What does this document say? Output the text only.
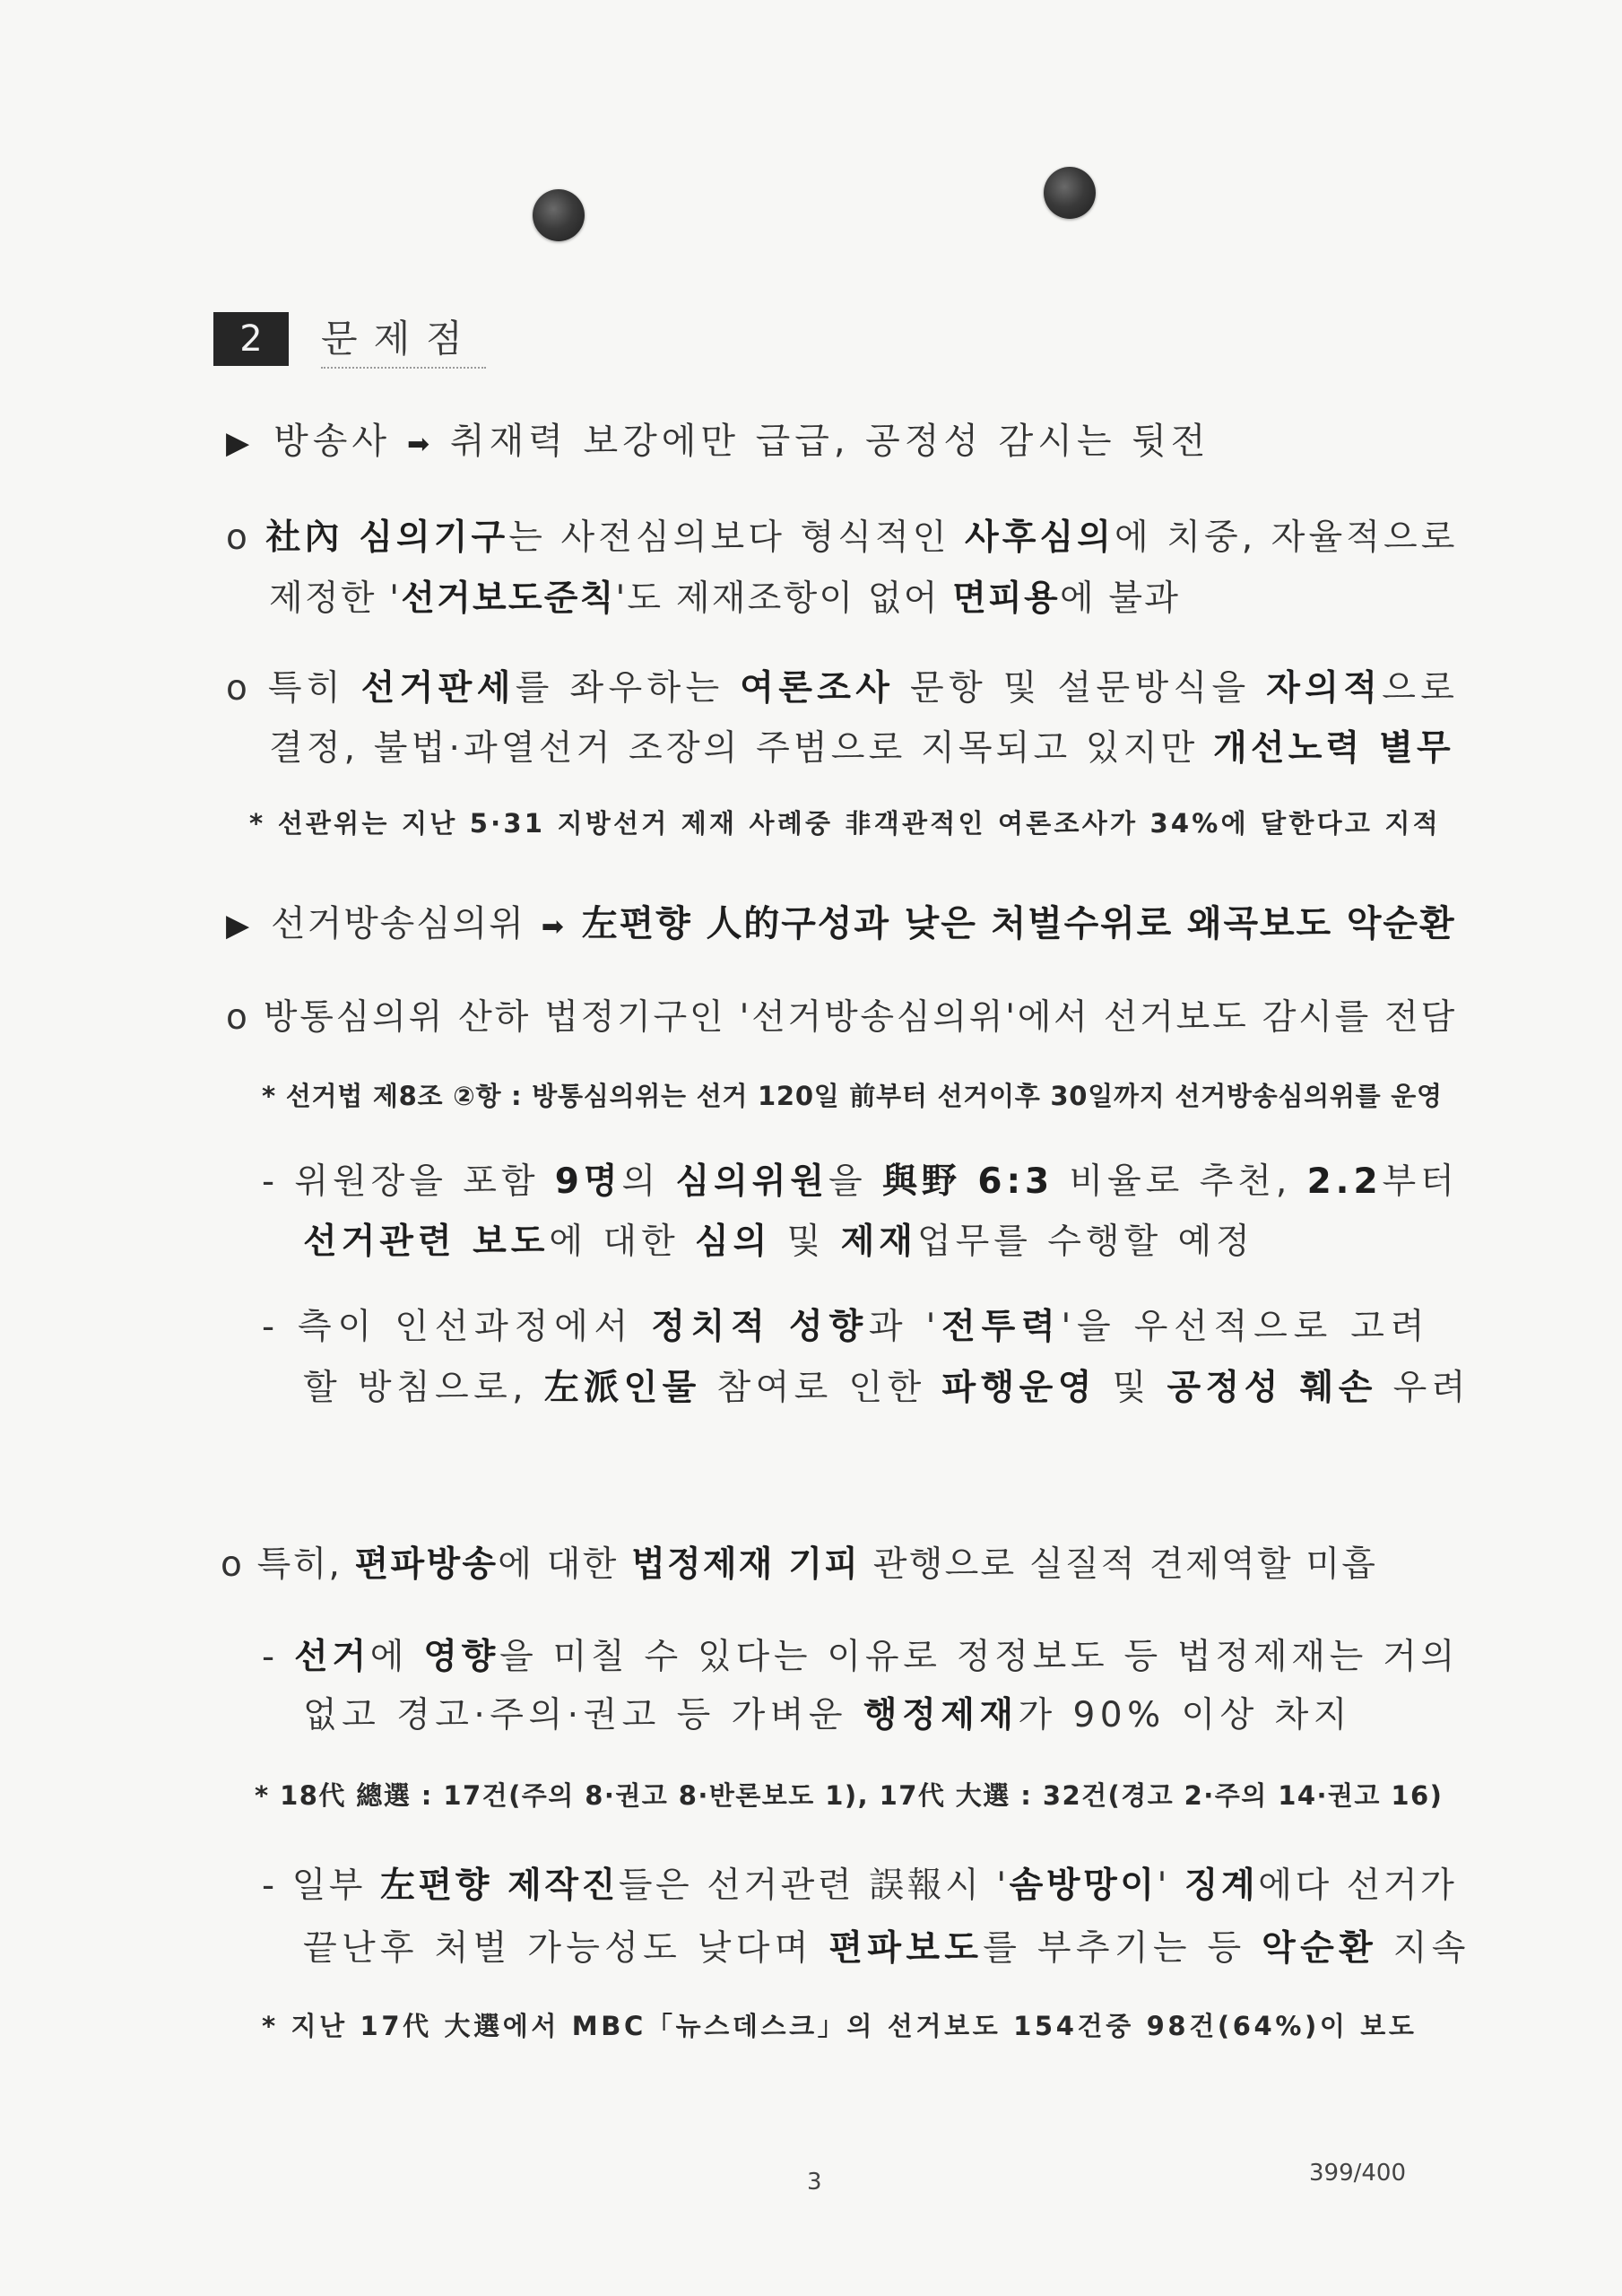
2	문제점
▶ 방송사 ➡ 취재력 보강에만 급급, 공정성 감시는 뒷전
o 社內 심의기구는 사전심의보다 형식적인 사후심의에 치중, 자율적으로
제정한 '선거보도준칙'도 제재조항이 없어 면피용에 불과
o 특히 선거판세를 좌우하는 여론조사 문항 및 설문방식을 자의적으로
결정, 불법·과열선거 조장의 주범으로 지목되고 있지만 개선노력 별무
* 선관위는 지난 5·31 지방선거 제재 사례중 非객관적인 여론조사가 34%에 달한다고 지적
▶ 선거방송심의위 ➡ 左편향 人的구성과 낮은 처벌수위로 왜곡보도 악순환
o 방통심의위 산하 법정기구인 '선거방송심의위'에서 선거보도 감시를 전담
* 선거법 제8조 ②항 : 방통심의위는 선거 120일 前부터 선거이후 30일까지 선거방송심의위를 운영
- 위원장을 포함 9명의 심의위원을 與野 6:3 비율로 추천, 2.2부터
선거관련 보도에 대한 심의 및 제재업무를 수행할 예정
- 측이 인선과정에서 정치적 성향과 '전투력'을 우선적으로 고려
할 방침으로, 左派인물 참여로 인한 파행운영 및 공정성 훼손 우려
o 특히, 편파방송에 대한 법정제재 기피 관행으로 실질적 견제역할 미흡
- 선거에 영향을 미칠 수 있다는 이유로 정정보도 등 법정제재는 거의
없고 경고·주의·권고 등 가벼운 행정제재가 90% 이상 차지
* 18代 總選 : 17건(주의 8·권고 8·반론보도 1), 17代 大選 : 32건(경고 2·주의 14·권고 16)
- 일부 左편향 제작진들은 선거관련 誤報시 '솜방망이' 징계에다 선거가
끝난후 처벌 가능성도 낮다며 편파보도를 부추기는 등 악순환 지속
* 지난 17代 大選에서 MBC「뉴스데스크」의 선거보도 154건중 98건(64%)이 보도
3	399/400
